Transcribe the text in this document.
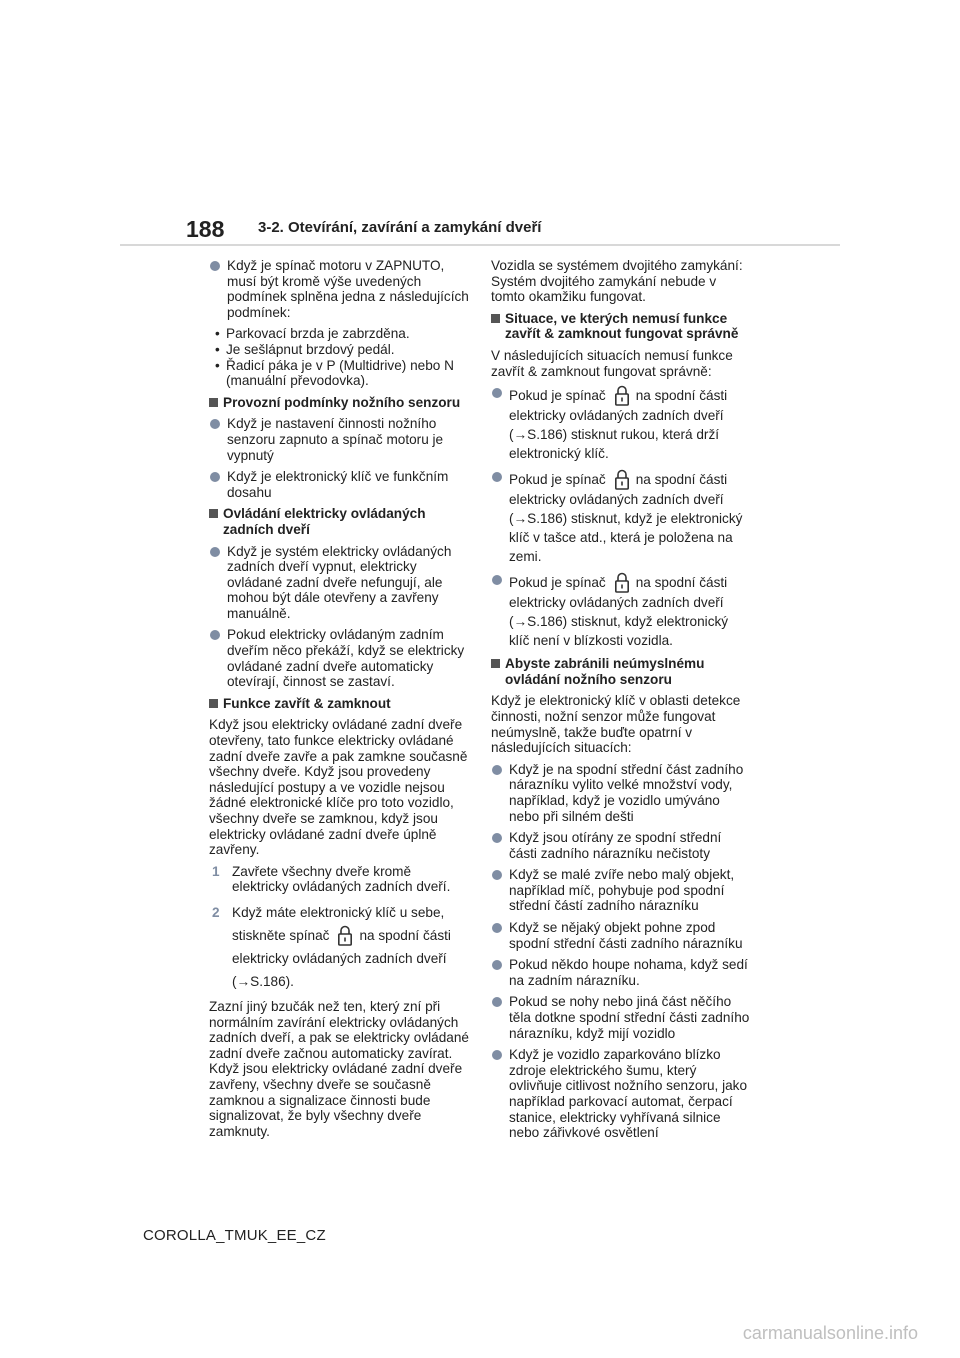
188 3-2. Otevírání, zavírání a zamykání dveří
Když je spínač motoru v ZAPNUTO, musí být kromě výše uvedených podmínek splněna jedna z následujících podmínek:
• Parkovací brzda je zabrzděna.
• Je sešlápnut brzdový pedál.
• Řadicí páka je v P (Multidrive) nebo N (manuální převodovka).
Provozní podmínky nožního senzoru
Když je nastavení činnosti nožního senzoru zapnuto a spínač motoru je vypnutý
Když je elektronický klíč ve funkčním dosahu
Ovládání elektricky ovládaných zadních dveří
Když je systém elektricky ovládaných zadních dveří vypnut, elektricky ovládané zadní dveře nefungují, ale mohou být dále otevřeny a zavřeny manuálně.
Pokud elektricky ovládaným zadním dveřím něco překáží, když se elektricky ovládané zadní dveře automaticky otevírají, činnost se zastaví.
Funkce zavřít & zamknout
Když jsou elektricky ovládané zadní dveře otevřeny, tato funkce elektricky ovládané zadní dveře zavře a pak zamkne současně všechny dveře. Když jsou provedeny následující postupy a ve vozidle nejsou žádné elektronické klíče pro toto vozidlo, všechny dveře se zamknou, když jsou elektricky ovládané zadní dveře úplně zavřeny.
1 Zavřete všechny dveře kromě elektricky ovládaných zadních dveří.
2 Když máte elektronický klíč u sebe, stiskněte spínač na spodní části elektricky ovládaných zadních dveří (→S.186).
Zazní jiný bzučák než ten, který zní při normálním zavírání elektricky ovládaných zadních dveří, a pak se elektricky ovládané zadní dveře začnou automaticky zavírat. Když jsou elektricky ovládané zadní dveře zavřeny, všechny dveře se současně zamknou a signalizace činnosti bude signalizovat, že byly všechny dveře zamknuty.
Vozidla se systémem dvojitého zamykání: Systém dvojitého zamykání nebude v tomto okamžiku fungovat.
Situace, ve kterých nemusí funkce zavřít & zamknout fungovat správně
V následujících situacích nemusí funkce zavřít & zamknout fungovat správně:
Pokud je spínač na spodní části elektricky ovládaných zadních dveří (→S.186) stisknut rukou, která drží elektronický klíč.
Pokud je spínač na spodní části elektricky ovládaných zadních dveří (→S.186) stisknut, když je elektronický klíč v tašce atd., která je položena na zemi.
Pokud je spínač na spodní části elektricky ovládaných zadních dveří (→S.186) stisknut, když elektronický klíč není v blízkosti vozidla.
Abyste zabránili neúmyslnému ovládání nožního senzoru
Když je elektronický klíč v oblasti detekce činnosti, nožní senzor může fungovat neúmyslně, takže buďte opatrní v následujících situacích:
Když je na spodní střední část zadního nárazníku vylito velké množství vody, například, když je vozidlo umýváno nebo při silném dešti
Když jsou otírány ze spodní střední části zadního nárazníku nečistoty
Když se malé zvíře nebo malý objekt, například míč, pohybuje pod spodní střední částí zadního nárazníku
Když se nějaký objekt pohne zpod spodní střední části zadního nárazníku
Pokud někdo houpe nohama, když sedí na zadním nárazníku.
Pokud se nohy nebo jiná část něčího těla dotkne spodní střední části zadního nárazníku, když mijí vozidlo
Když je vozidlo zaparkováno blízko zdroje elektrického šumu, který ovlivňuje citlivost nožního senzoru, jako například parkovací automat, čerpací stanice, elektricky vyhřívaná silnice nebo zářivkové osvětlení
COROLLA_TMUK_EE_CZ
carmanualsonline.info
